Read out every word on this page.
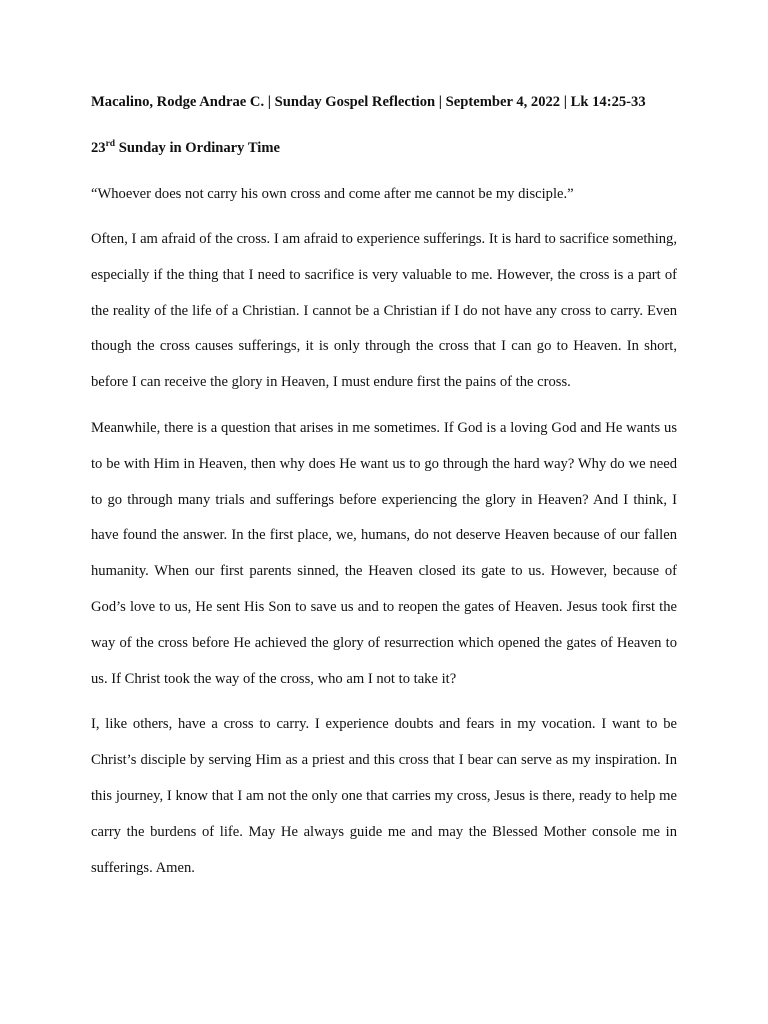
Macalino, Rodge Andrae C. | Sunday Gospel Reflection | September 4, 2022 | Lk 14:25-33

23rd Sunday in Ordinary Time

“Whoever does not carry his own cross and come after me cannot be my disciple.”

Often, I am afraid of the cross. I am afraid to experience sufferings. It is hard to sacrifice something, especially if the thing that I need to sacrifice is very valuable to me. However, the cross is a part of the reality of the life of a Christian. I cannot be a Christian if I do not have any cross to carry. Even though the cross causes sufferings, it is only through the cross that I can go to Heaven. In short, before I can receive the glory in Heaven, I must endure first the pains of the cross.

Meanwhile, there is a question that arises in me sometimes. If God is a loving God and He wants us to be with Him in Heaven, then why does He want us to go through the hard way? Why do we need to go through many trials and sufferings before experiencing the glory in Heaven? And I think, I have found the answer. In the first place, we, humans, do not deserve Heaven because of our fallen humanity. When our first parents sinned, the Heaven closed its gate to us. However, because of God’s love to us, He sent His Son to save us and to reopen the gates of Heaven. Jesus took first the way of the cross before He achieved the glory of resurrection which opened the gates of Heaven to us. If Christ took the way of the cross, who am I not to take it?

I, like others, have a cross to carry. I experience doubts and fears in my vocation. I want to be Christ’s disciple by serving Him as a priest and this cross that I bear can serve as my inspiration. In this journey, I know that I am not the only one that carries my cross, Jesus is there, ready to help me carry the burdens of life. May He always guide me and may the Blessed Mother console me in sufferings. Amen.
